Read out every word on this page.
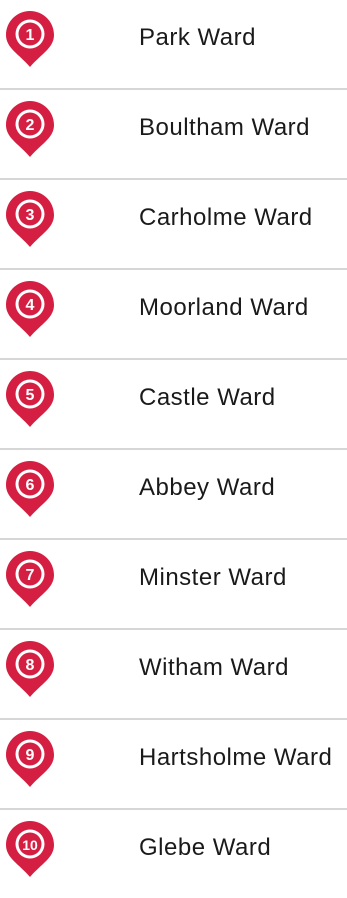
1	Park Ward
2	Boultham Ward
3	Carholme Ward
4	Moorland Ward
5	Castle Ward
6	Abbey Ward
7	Minster Ward
8	Witham Ward
9	Hartsholme Ward
10	Glebe Ward
